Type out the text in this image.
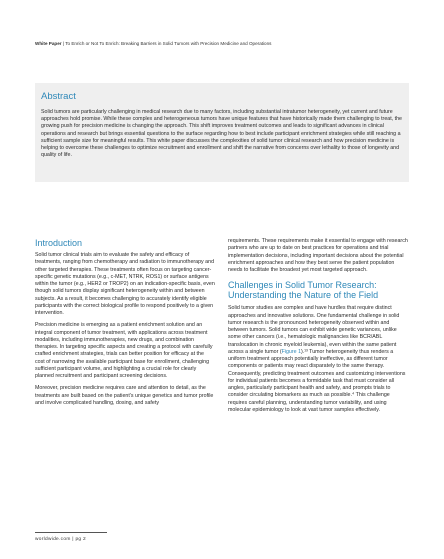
White Paper | To Enrich or Not To Enrich: Breaking Barriers in Solid Tumors with Precision Medicine and Operations
Abstract

Solid tumors are particularly challenging in medical research due to many factors, including substantial intratumor heterogeneity, yet current and future approaches hold promise. While these complex and heterogeneous tumors have unique features that have historically made them challenging to treat, the growing push for precision medicine is changing the approach. This shift improves treatment outcomes and leads to significant advances in clinical operations and research but brings essential questions to the surface regarding how to best include participant enrichment strategies while still reaching a sufficient sample size for meaningful results. This white paper discusses the complexities of solid tumor clinical research and how precision medicine is helping to overcome these challenges to optimize recruitment and enrollment and shift the narrative from concerns over lethality to those of longevity and quality of life.

Introduction

Solid tumor clinical trials aim to evaluate the safety and efficacy of treatments, ranging from chemotherapy and radiation to immunotherapy and other targeted therapies. These treatments often focus on targeting cancer-specific genetic mutations (e.g., c-MET, NTRK, ROS1) or surface antigens within the tumor (e.g., HER2 or TROP2) on an indication-specific basis, even though solid tumors display significant heterogeneity within and between subjects. As a result, it becomes challenging to accurately identify eligible participants with the correct biological profile to respond positively to a given intervention.

Precision medicine is emerging as a patient enrichment solution and an integral component of tumor treatment, with applications across treatment modalities, including immunotherapies, new drugs, and combination therapies. In targeting specific aspects and creating a protocol with carefully crafted enrichment strategies, trials can better position for efficacy at the cost of narrowing the available participant base for enrollment, challenging sufficient participant volume, and highlighting a crucial role for clearly planned recruitment and participant screening decisions.

Moreover, precision medicine requires care and attention to detail, as the treatments are built based on the patient’s unique genetics and tumor profile and involve complicated handling, dosing, and safety

requirements. These requirements make it essential to engage with research partners who are up to date on best practices for operations and trial implementation decisions, including important decisions about the potential enrichment approaches and how they best serve the patient population needs to facilitate the broadest yet most targeted approach.

Challenges in Solid Tumor Research: Understanding the Nature of the Field

Solid tumor studies are complex and have hurdles that require distinct approaches and innovative solutions. One fundamental challenge in solid tumor research is the pronounced heterogeneity observed within and between tumors. Solid tumors can exhibit wide genetic variances, unlike some other cancers (i.e., hematologic malignancies like BCR/ABL translocation in chronic myeloid leukemia), even within the same patient across a single tumor (Figure 1).¹³ Tumor heterogeneity thus renders a uniform treatment approach potentially ineffective, as different tumor components or patients may react disparately to the same therapy. Consequently, predicting treatment outcomes and customizing interventions for individual patients becomes a formidable task that must consider all angles, particularly participant health and safety, and prompts trials to consider circulating biomarkers as much as possible.⁴ This challenge requires careful planning, understanding tumor variability, and using molecular epidemiology to look at vast tumor samples effectively.

worldwide.com | pg 2
